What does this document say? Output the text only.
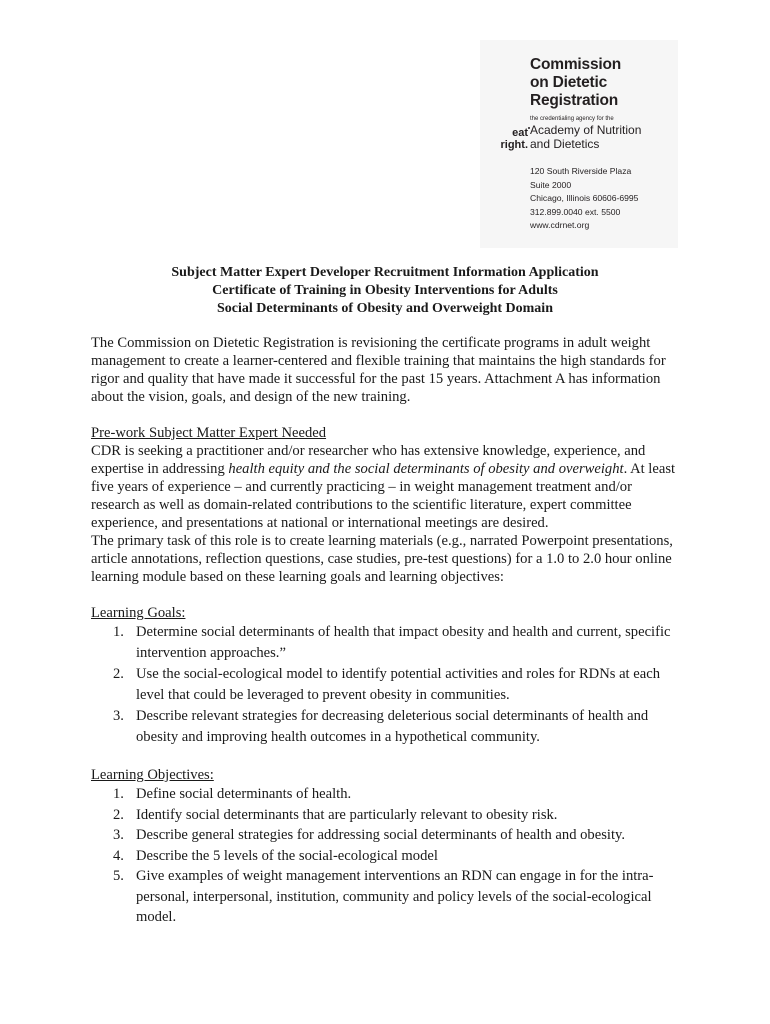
Commission
on Dietetic
Registration
the credentialing agency for the
eat
right.
Academy of Nutrition
and Dietetics
120 South Riverside Plaza
Suite 2000
Chicago, Illinois 60606-6995
312.899.0040 ext. 5500
www.cdrnet.org
Subject Matter Expert Developer Recruitment Information Application
Certificate of Training in Obesity Interventions for Adults
Social Determinants of Obesity and Overweight Domain

The Commission on Dietetic Registration is revisioning the certificate programs in adult weight management to create a learner-centered and flexible training that maintains the high standards for rigor and quality that have made it successful for the past 15 years. Attachment A has information about the vision, goals, and design of the new training.

Pre-work Subject Matter Expert Needed

CDR is seeking a practitioner and/or researcher who has extensive knowledge, experience, and expertise in addressing health equity and the social determinants of obesity and overweight. At least five years of experience – and currently practicing – in weight management treatment and/or research as well as domain-related contributions to the scientific literature, expert committee experience, and presentations at national or international meetings are desired.

The primary task of this role is to create learning materials (e.g., narrated Powerpoint presentations, article annotations, reflection questions, case studies, pre-test questions) for a 1.0 to 2.0 hour online learning module based on these learning goals and learning objectives:

Learning Goals:

1. Determine social determinants of health that impact obesity and health and current, specific intervention approaches.”
2. Use the social-ecological model to identify potential activities and roles for RDNs at each level that could be leveraged to prevent obesity in communities.
3. Describe relevant strategies for decreasing deleterious social determinants of health and obesity and improving health outcomes in a hypothetical community.

Learning Objectives:

1. Define social determinants of health.
2. Identify social determinants that are particularly relevant to obesity risk.
3. Describe general strategies for addressing social determinants of health and obesity.
4. Describe the 5 levels of the social-ecological model
5. Give examples of weight management interventions an RDN can engage in for the intra-personal, interpersonal, institution, community and policy levels of the social-ecological model.
